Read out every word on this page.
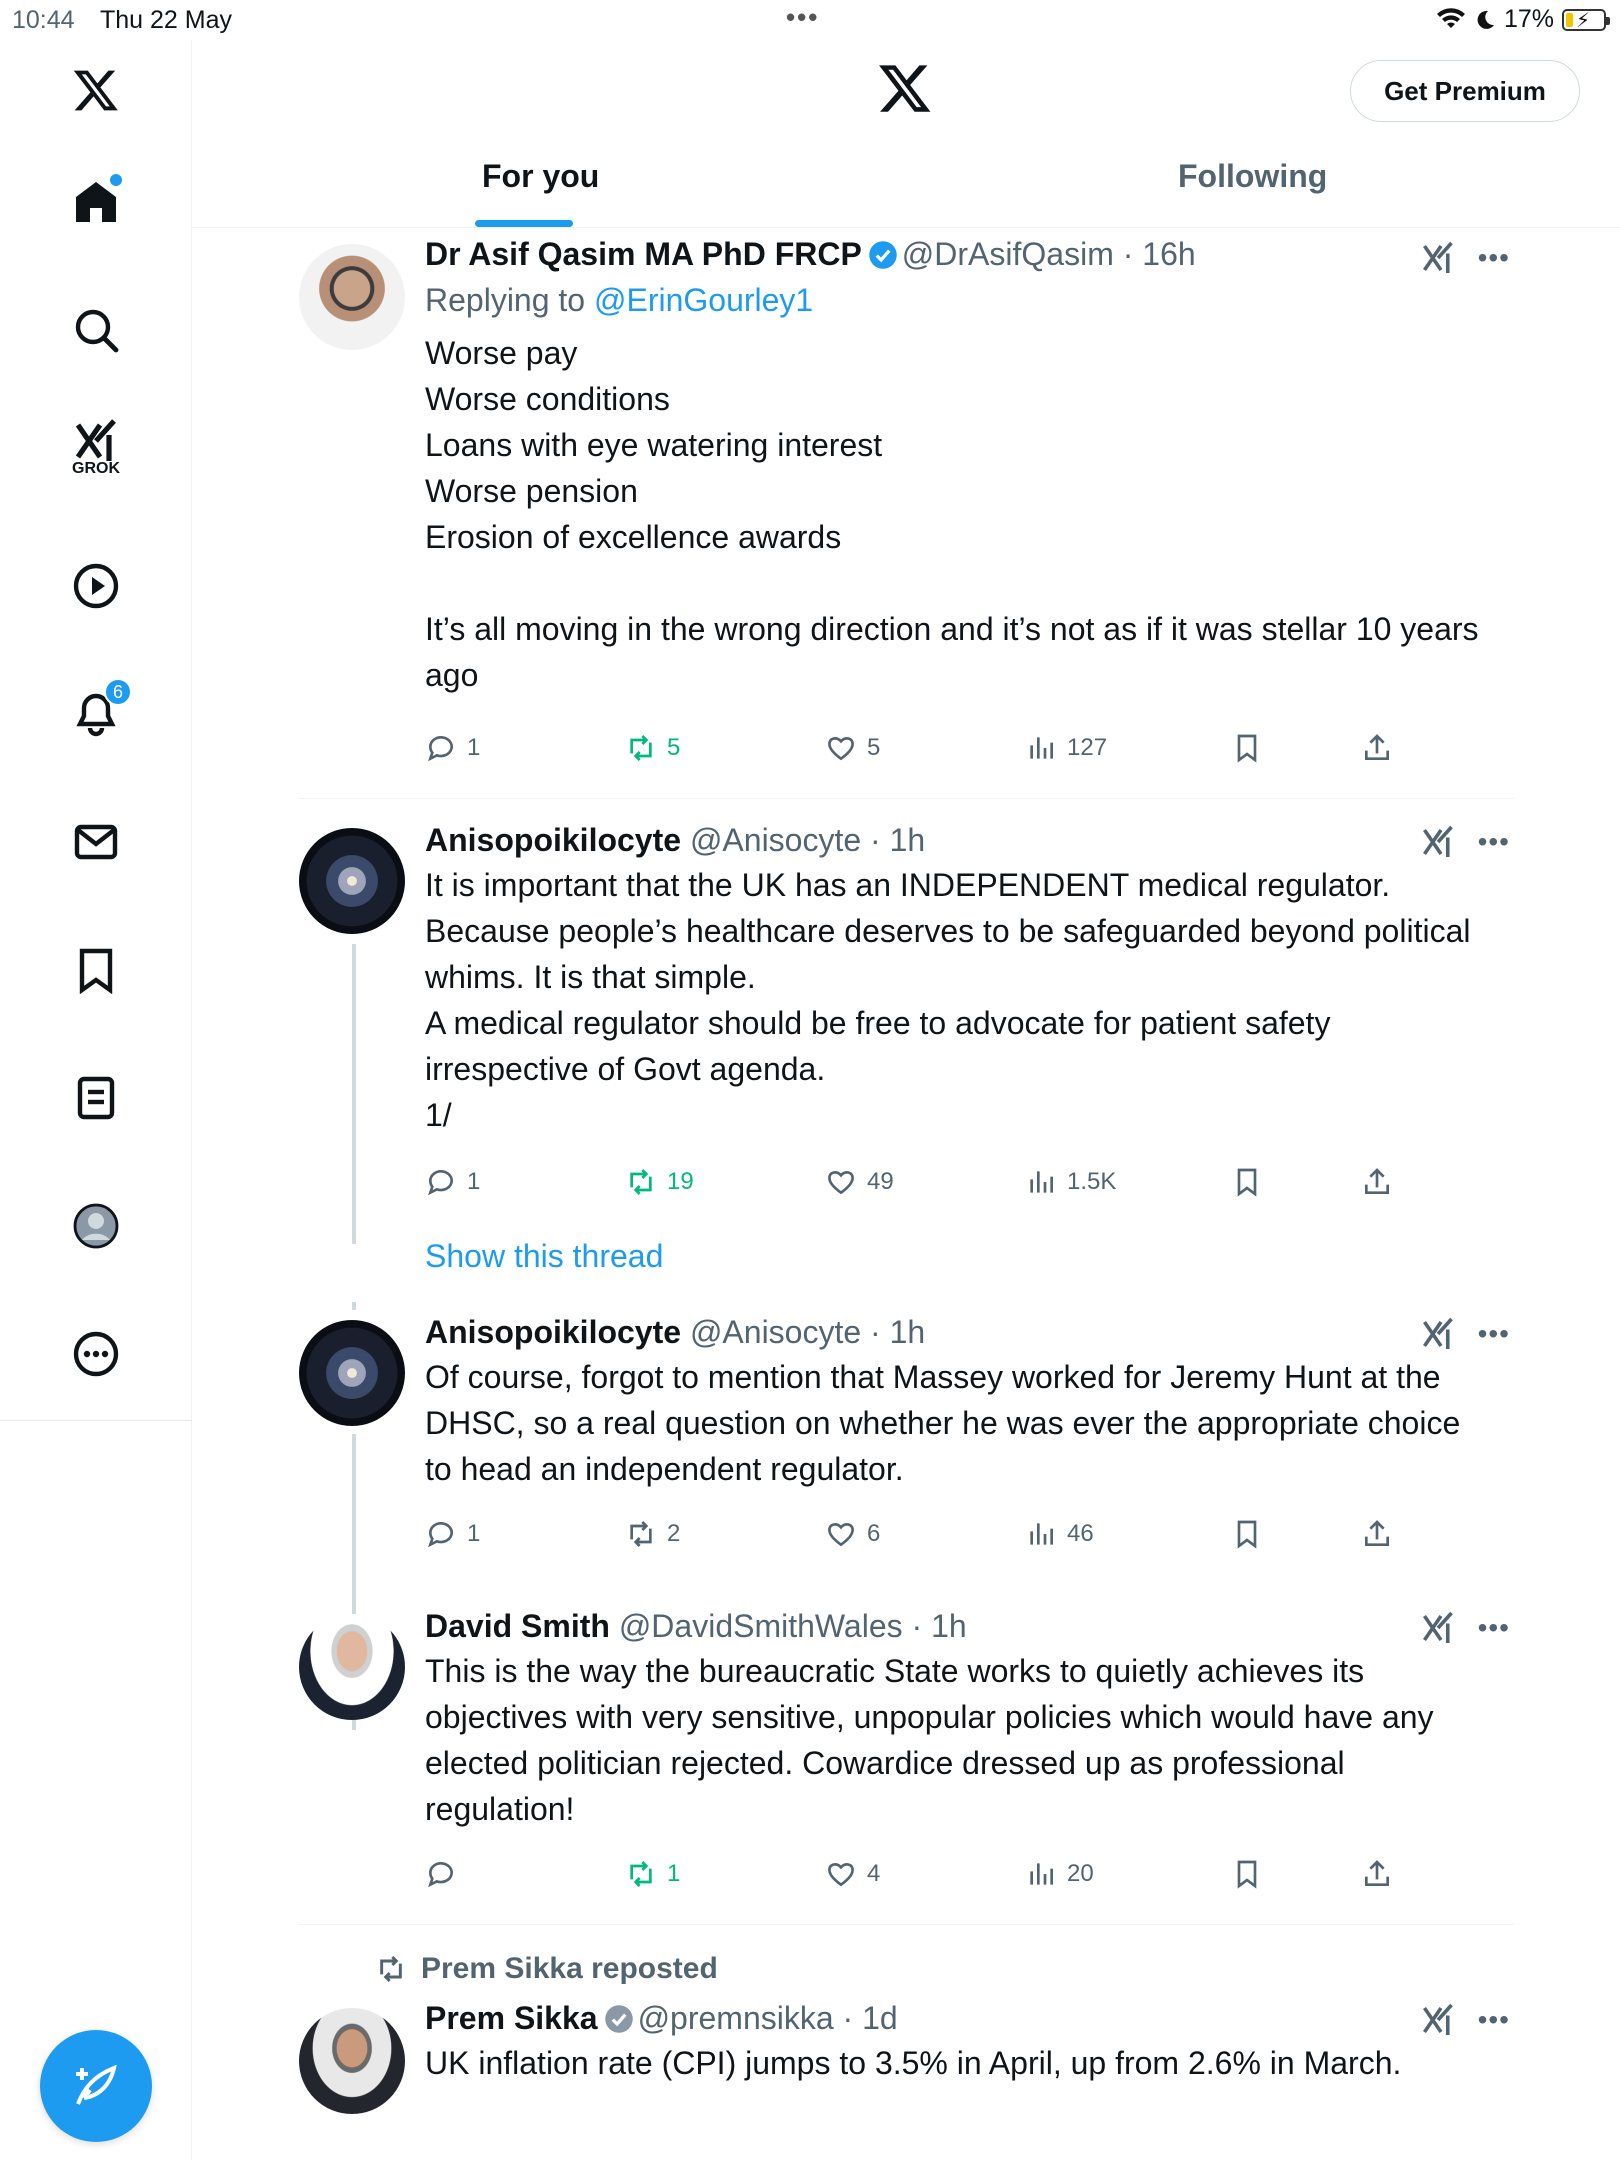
10:44 Thu 22 May	•••	17% ⚡
GROK
6
Get Premium
For you	Following
•••
Dr Asif Qasim MA PhD FRCP @DrAsifQasim · 16h
Replying to @ErinGourley1
Worse pay
Worse conditions
Loans with eye watering interest
Worse pension
Erosion of excellence awards

It’s all moving in the wrong direction and it’s not as if it was stellar 10 years ago
1	5	5	127
•••
Anisopoikilocyte @Anisocyte · 1h
It is important that the UK has an INDEPENDENT medical regulator. Because people’s healthcare deserves to be safeguarded beyond political whims. It is that simple.
A medical regulator should be free to advocate for patient safety irrespective of Govt agenda.
1/
1	19	49	1.5K
Show this thread
•••
Anisopoikilocyte @Anisocyte · 1h
Of course, forgot to mention that Massey worked for Jeremy Hunt at the DHSC, so a real question on whether he was ever the appropriate choice to head an independent regulator.
1	2	6	46
•••
David Smith @DavidSmithWales · 1h
This is the way the bureaucratic State works to quietly achieves its objectives with very sensitive, unpopular policies which would have any elected politician rejected. Cowardice dressed up as professional regulation!
1	4	20
Prem Sikka reposted
•••
Prem Sikka @premnsikka · 1d
UK inflation rate (CPI) jumps to 3.5% in April, up from 2.6% in March.
